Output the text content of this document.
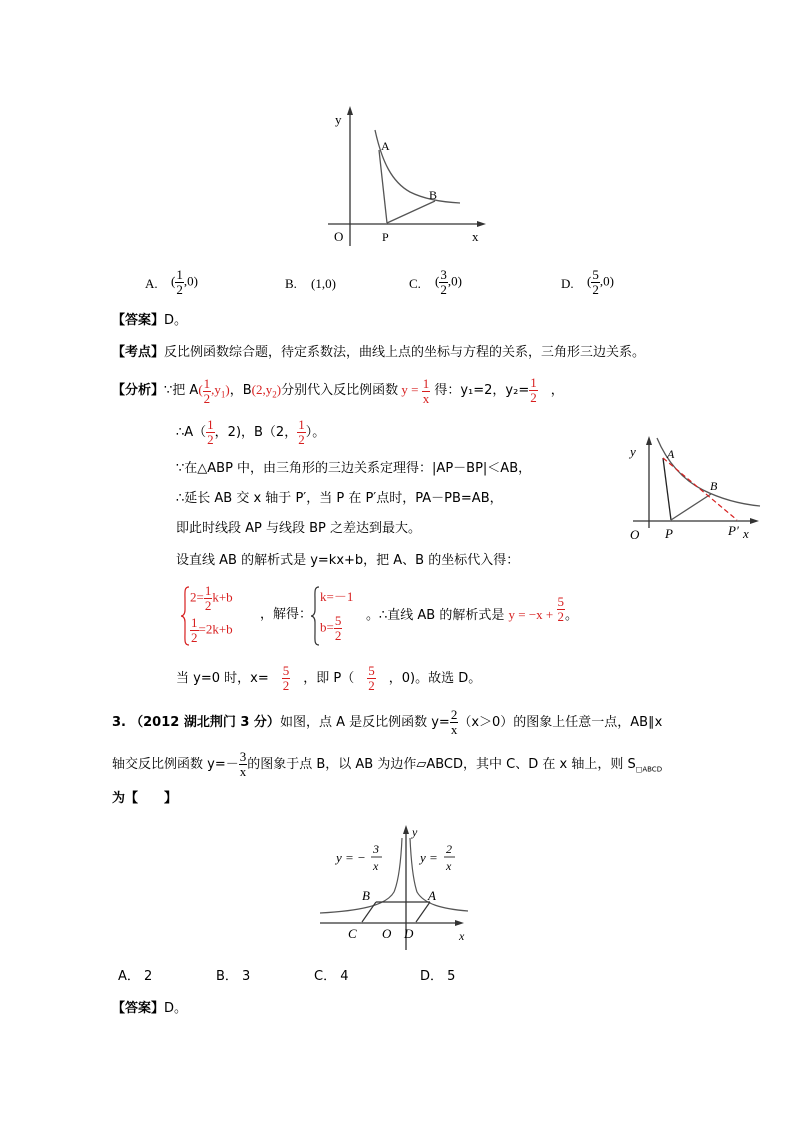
y
x
O
A
B
P
A. ( $\frac{1}{2} ,0$)	B. (1,0)	C. ( $\frac{3}{2} ,0$)	D. ( $\frac{5}{2} ,0$)
【答案】D。
【考点】反比例函数综合题，待定系数法，曲线上点的坐标与方程的关系，三角形三边关系。
【分析】∵把 $A( \frac{1}{2} ,y_1)$，$B(2,y_2)$分别代入反比例函数 $y = \frac{1}{x}$ 得：y₁=2，$y_2= \frac{1}{2}$
　 ，
∴A（ $\frac{1}{2}$ ，2)，B（2， $\frac{1}{2}$ ）。
∵在△ABP 中，由三角形的三边关系定理得：|AP－BP|＜AB，
∴延长 AB 交 x 轴于 P′，当 P 在 P′点时，PA－PB=AB，
即此时线段 AP 与线段 BP 之差达到最大。
设直线 AB 的解析式是 y=kx+b，把 A、B 的坐标代入得：
y	A
B
P	P′
O	x
$2= \frac{1}{2} k+b$
$\frac{1}{2} =2k+b$
，解得：
k=－1
$b= \frac{5}{2}$ 。∴直线 AB 的解析式是 $y = -x + \frac{5}{2}$ 。
当 y=0 时，x=　 $\frac{5}{2}$
　 ，即 P（　 $\frac{5}{2}$
　 ，0)。故选 D。
3. （2012 湖北荆门 3 分）如图，点 A 是反比例函数 $y= \frac{2}{x} (x>0)$的图象上任意一点，AB∥x
轴交反比例函数 $y=- \frac{3}{x}$ 的图象于点 B，以 AB 为边作▱ABCD，其中 C、D 在 x 轴上，则 $S_{□ABCD}$
为【　　】
y = −
3
x
y =
2
x
y
B	A
C O D	x
A． 2	B． 3	C． 4	D． 5
【答案】D。
